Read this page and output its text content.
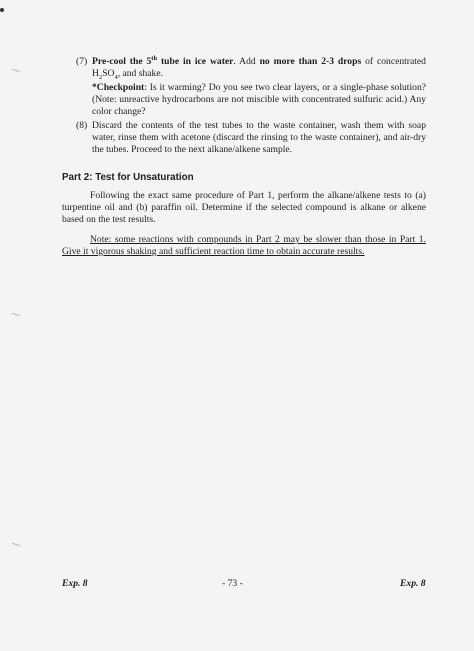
(7) Pre-cool the 5th tube in ice water. Add no more than 2-3 drops of concentrated $H_2SO_4$, and shake.
*Checkpoint: Is it warming? Do you see two clear layers, or a single-phase solution? (Note: unreactive hydrocarbons are not miscible with concentrated sulfuric acid.) Any color change?
(8) Discard the contents of the test tubes to the waste container, wash them with soap water, rinse them with acetone (discard the rinsing to the waste container), and air-dry the tubes. Proceed to the next alkane/alkene sample.
Part 2: Test for Unsaturation
Following the exact same procedure of Part 1, perform the alkane/alkene tests to (a) turpentine oil and (b) paraffin oil. Determine if the selected compound is alkane or alkene based on the test results.
Note: some reactions with compounds in Part 2 may be slower than those in Part 1. Give it vigorous shaking and sufficient reaction time to obtain accurate results.
Exp. 8	- 73 -	Exp. 8
